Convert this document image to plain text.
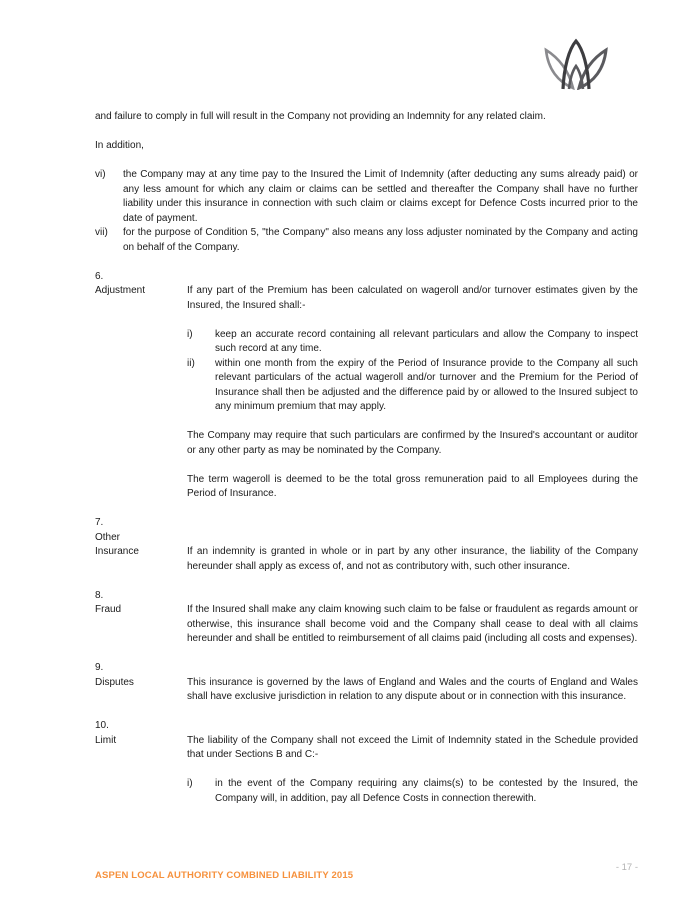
and failure to comply in full will result in the Company not providing an Indemnity for any related claim.

In addition,

vi)	the Company may at any time pay to the Insured the Limit of Indemnity (after deducting any sums already paid) or any less amount for which any claim or claims can be settled and thereafter the Company shall have no further liability under this insurance in connection with such claim or claims except for Defence Costs incurred prior to the date of payment.
vii)	for the purpose of Condition 5, "the Company" also means any loss adjuster nominated by the Company and acting on behalf of the Company.
6.
Adjustment	If any part of the Premium has been calculated on wageroll and/or turnover estimates given by the Insured, the Insured shall:-

i)	keep an accurate record containing all relevant particulars and allow the Company to inspect such record at any time.
ii)	within one month from the expiry of the Period of Insurance provide to the Company all such relevant particulars of the actual wageroll and/or turnover and the Premium for the Period of Insurance shall then be adjusted and the difference paid by or allowed to the Insured subject to any minimum premium that may apply.

The Company may require that such particulars are confirmed by the Insured's accountant or auditor or any other party as may be nominated by the Company.

The term wageroll is deemed to be the total gross remuneration paid to all Employees during the Period of Insurance.

7.
Other
Insurance	If an indemnity is granted in whole or in part by any other insurance, the liability of the Company hereunder shall apply as excess of, and not as contributory with, such other insurance.

8.
Fraud	If the Insured shall make any claim knowing such claim to be false or fraudulent as regards amount or otherwise, this insurance shall become void and the Company shall cease to deal with all claims hereunder and shall be entitled to reimbursement of all claims paid (including all costs and expenses).

9.
Disputes	This insurance is governed by the laws of England and Wales and the courts of England and Wales shall have exclusive jurisdiction in relation to any dispute about or in connection with this insurance.

10.
Limit	The liability of the Company shall not exceed the Limit of Indemnity stated in the Schedule provided that under Sections B and C:-

i)	in the event of the Company requiring any claims(s) to be contested by the Insured, the Company will, in addition, pay all Defence Costs in connection therewith.
ASPEN LOCAL AUTHORITY COMBINED LIABILITY 2015
- 17 -
